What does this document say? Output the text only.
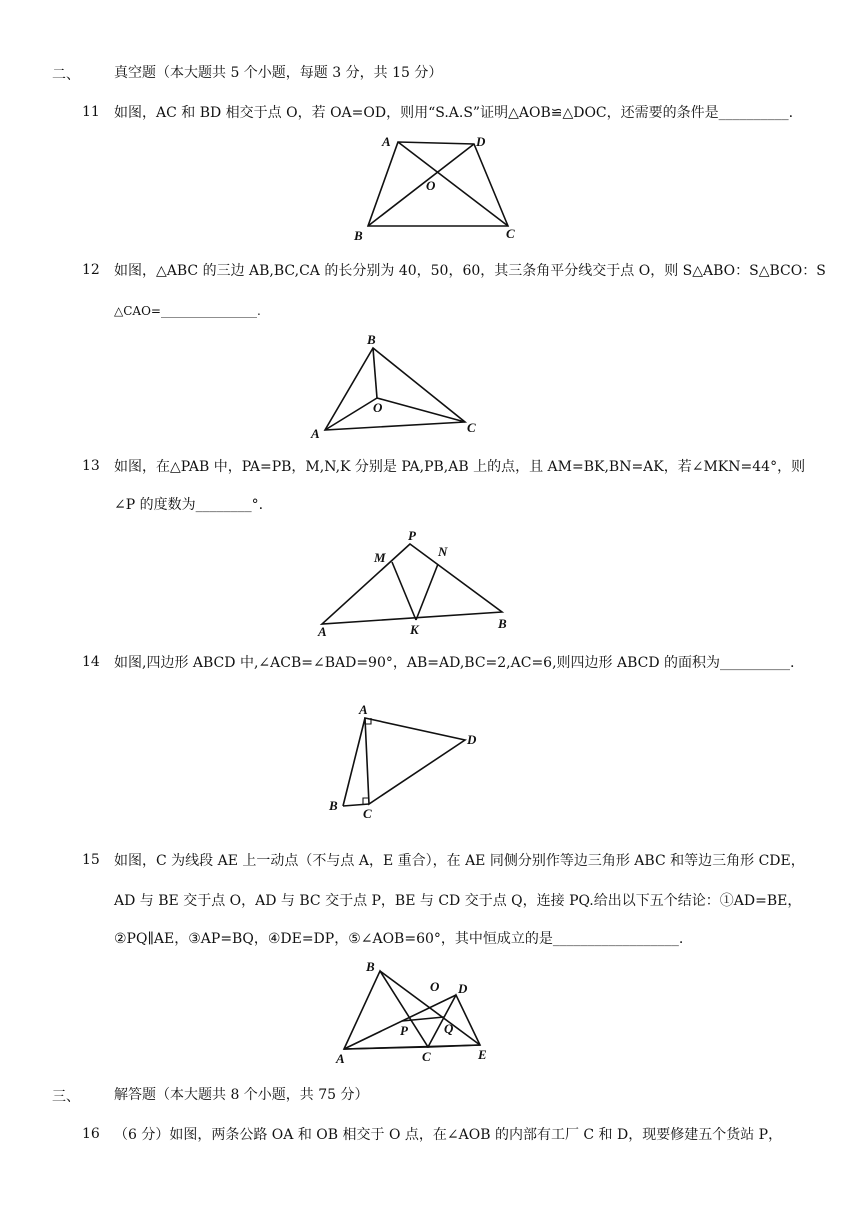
二、 真空题（本大题共 5 个小题，每题 3 分，共 15 分）
11 如图，AC 和 BD 相交于点 O，若 OA=OD，则用“S.A.S”证明△AOB≌△DOC，还需要的条件是__________.
A	D
O
B	C
12 如图，△ABC 的三边 AB,BC,CA 的长分别为 40，50，60，其三条角平分线交于点 O，则 S△ABO：S△BCO：S
△CAO=________________.
B
O
A	C
13 如图，在△PAB 中，PA=PB，M,N,K 分别是 PA,PB,AB 上的点，且 AM=BK,BN=AK，若∠MKN=44°，则
∠P 的度数为________°.
P
M	N
A	K	B
14 如图,四边形 ABCD 中,∠ACB=∠BAD=90°，AB=AD,BC=2,AC=6,则四边形 ABCD 的面积为__________.
A
D
B
C
15 如图，C 为线段 AE 上一动点（不与点 A，E 重合），在 AE 同侧分别作等边三角形 ABC 和等边三角形 CDE，
AD 与 BE 交于点 O，AD 与 BC 交于点 P，BE 与 CD 交于点 Q，连接 PQ.给出以下五个结论：①AD=BE，
②PQ∥AE，③AP=BQ，④DE=DP，⑤∠AOB=60°，其中恒成立的是__________________.
B
O D
P	Q
A	C	E
三、 解答题（本大题共 8 个小题，共 75 分）
16 （6 分）如图，两条公路 OA 和 OB 相交于 O 点，在∠AOB 的内部有工厂 C 和 D，现要修建五个货站 P，
